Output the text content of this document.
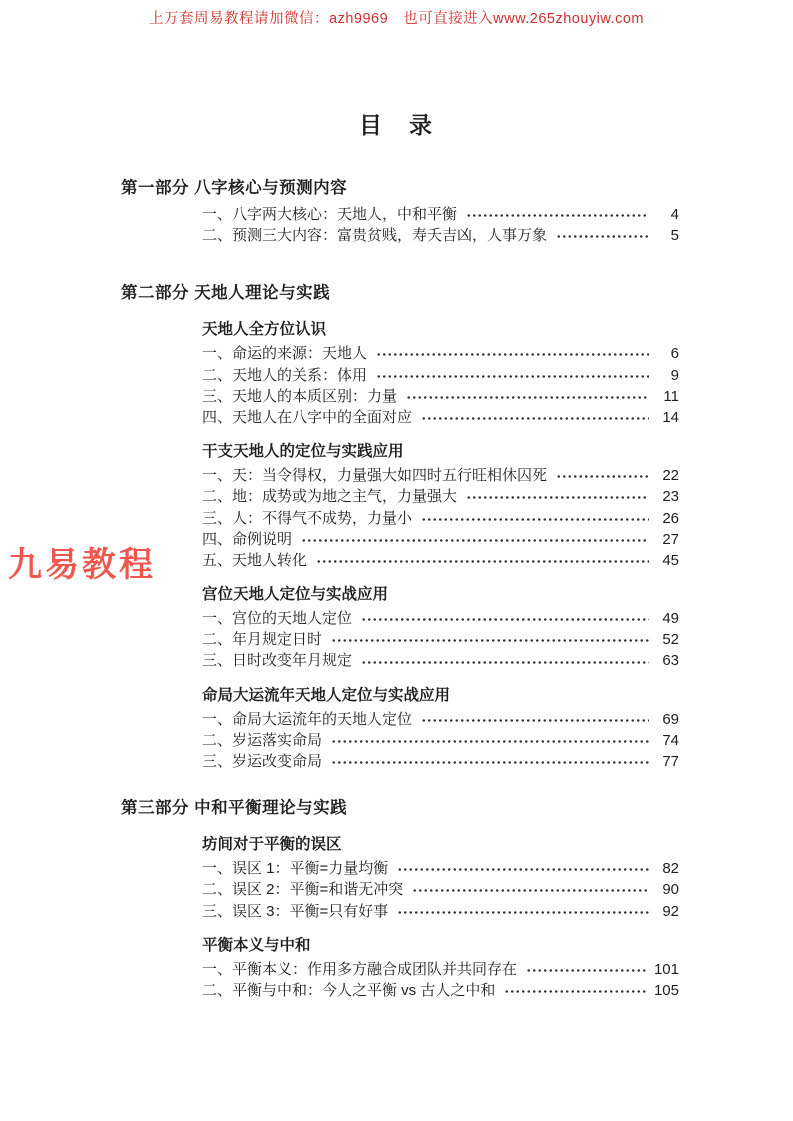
上万套周易教程请加微信：azh9969　也可直接进入www.265zhouyiw.com
目　录
九易教程
第一部分 八字核心与预测内容
一、八字两大核心：天地人，中和平衡	4
二、预测三大内容：富贵贫贱，寿夭吉凶，人事万象	5
第二部分 天地人理论与实践
天地人全方位认识
一、命运的来源：天地人	6
二、天地人的关系：体用	9
三、天地人的本质区别：力量	11
四、天地人在八字中的全面对应	14
干支天地人的定位与实践应用
一、天：当令得权，力量强大如四时五行旺相休囚死	22
二、地：成势或为地之主气，力量强大	23
三、人：不得气不成势，力量小	26
四、命例说明	27
五、天地人转化	45
宫位天地人定位与实战应用
一、宫位的天地人定位	49
二、年月规定日时	52
三、日时改变年月规定	63
命局大运流年天地人定位与实战应用
一、命局大运流年的天地人定位	69
二、岁运落实命局	74
三、岁运改变命局	77
第三部分 中和平衡理论与实践
坊间对于平衡的误区
一、误区 1：平衡=力量均衡	82
二、误区 2：平衡=和谐无冲突	90
三、误区 3：平衡=只有好事	92
平衡本义与中和
一、平衡本义：作用多方融合成团队并共同存在	101
二、平衡与中和：今人之平衡 vs 古人之中和	105
